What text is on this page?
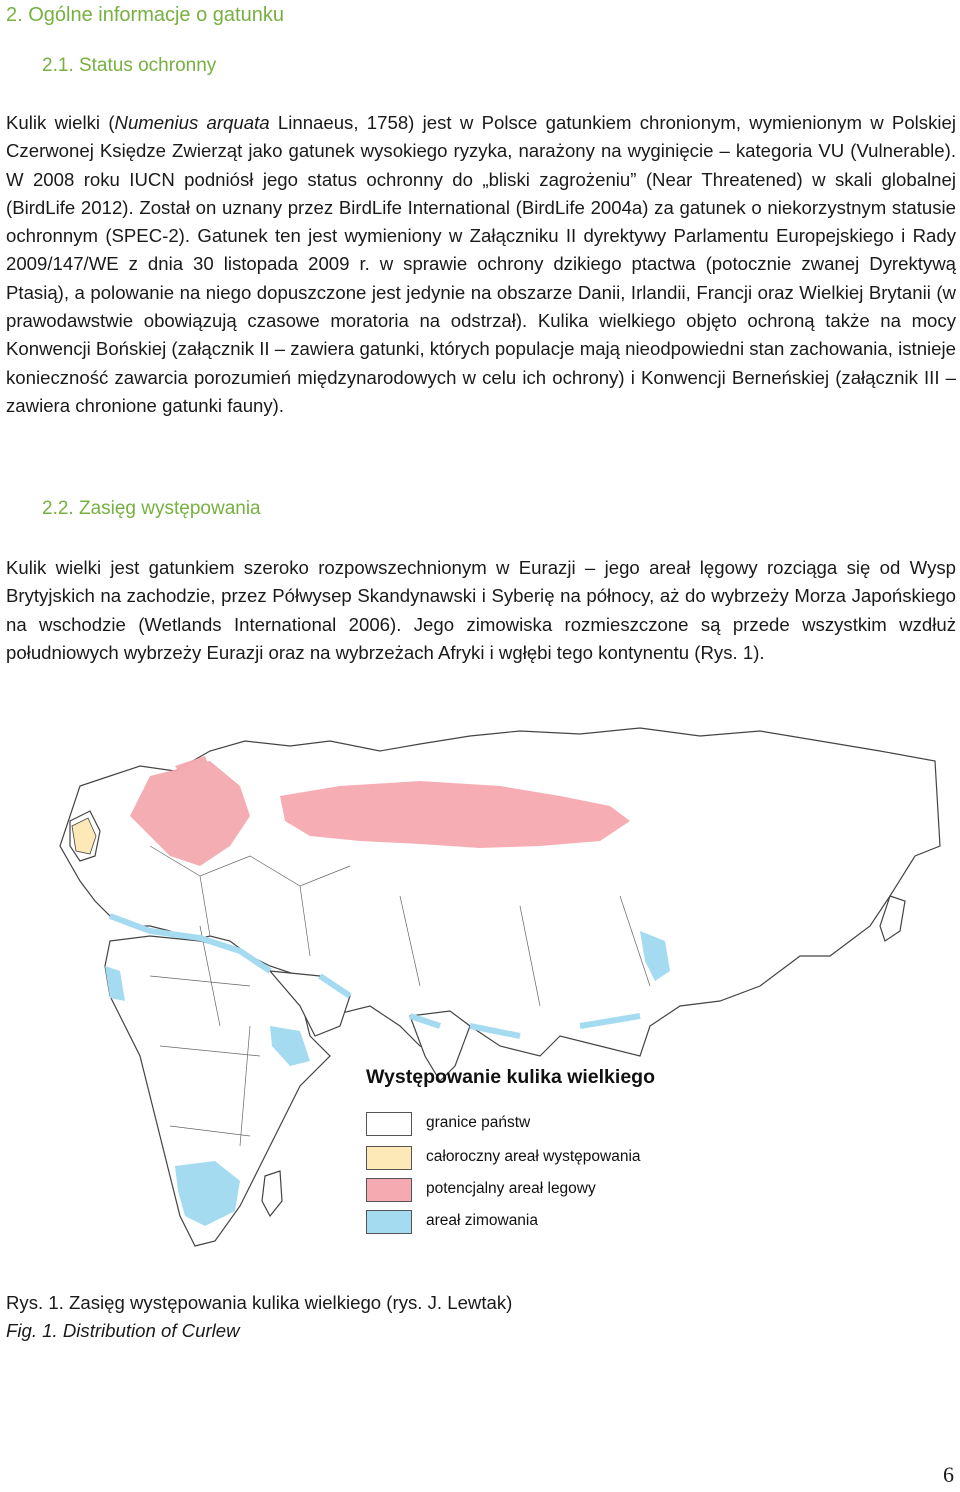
2. Ogólne informacje o gatunku
2.1. Status ochronny

Kulik wielki (Numenius arquata Linnaeus, 1758) jest w Polsce gatunkiem chronionym, wymienionym w Polskiej Czerwonej Księdze Zwierząt jako gatunek wysokiego ryzyka, narażony na wyginięcie – kategoria VU (Vulnerable). W 2008 roku IUCN podniósł jego status ochronny do „bliski zagrożeniu” (Near Threatened) w skali globalnej (BirdLife 2012). Został on uznany przez BirdLife International (BirdLife 2004a) za gatunek o niekorzystnym statusie ochronnym (SPEC-2). Gatunek ten jest wymieniony w Załączniku II dyrektywy Parlamentu Europejskiego i Rady 2009/147/WE z dnia 30 listopada 2009 r. w sprawie ochrony dzikiego ptactwa (potocznie zwanej Dyrektywą Ptasią), a polowanie na niego dopuszczone jest jedynie na obszarze Danii, Irlandii, Francji oraz Wielkiej Brytanii (w prawodawstwie obowiązują czasowe moratoria na odstrzał). Kulika wielkiego objęto ochroną także na mocy Konwencji Bońskiej (załącznik II – zawiera gatunki, których populacje mają nieodpowiedni stan zachowania, istnieje konieczność zawarcia porozumień międzynarodowych w celu ich ochrony) i Konwencji Berneńskiej (załącznik III – zawiera chronione gatunki fauny).

2.2. Zasięg występowania

Kulik wielki jest gatunkiem szeroko rozpowszechnionym w Eurazji – jego areał lęgowy rozciąga się od Wysp Brytyjskich na zachodzie, przez Półwysep Skandynawski i Syberię na północy, aż do wybrzeży Morza Japońskiego na wschodzie (Wetlands International 2006). Jego zimowiska rozmieszczone są przede wszystkim wzdłuż południowych wybrzeży Eurazji oraz na wybrzeżach Afryki i wgłębi tego kontynentu (Rys. 1).

Występowanie kulika wielkiego
granice państw
całoroczny areał występowania
potencjalny areał legowy
areał zimowania
Rys. 1. Zasięg występowania kulika wielkiego (rys. J. Lewtak)
Fig. 1. Distribution of Curlew
6
